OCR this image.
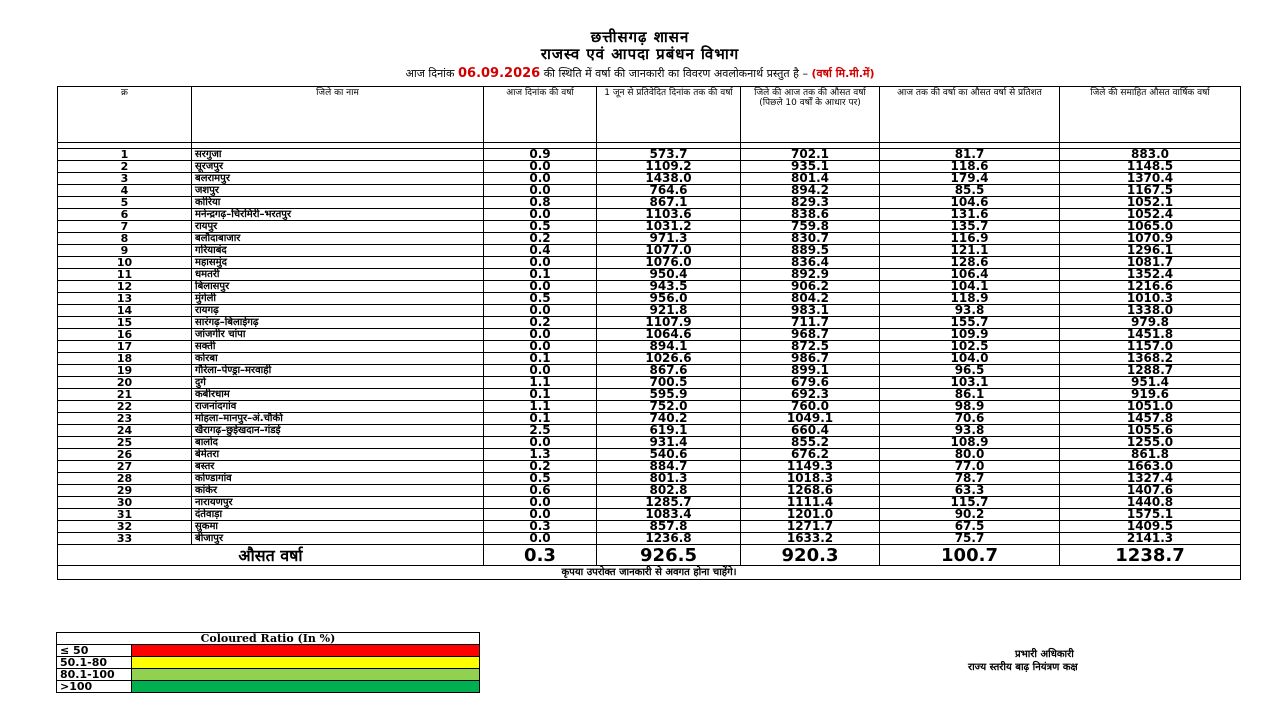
छत्तीसगढ़ शासन
राजस्व एवं आपदा प्रबंधन विभाग
आज दिनांक 06.09.2026 की स्थिति में वर्षा की जानकारी का विवरण अवलोकनार्थ प्रस्तुत है – (वर्षा मि.मी.में)
क्र	जिले का नाम	आज दिनांक की वर्षा	1 जून से प्रतिवेदित दिनांक तक की वर्षा	जिले की आज तक की औसत वर्षा (पिछले 10 वर्षों के आधार पर)	आज तक की वर्षा का औसत वर्षा से प्रतिशत	जिले की समाहित औसत वार्षिक वर्षा

1	सरगुजा	0.9	573.7	702.1	81.7	883.0
2	सूरजपुर	0.0	1109.2	935.1	118.6	1148.5
3	बलरामपुर	0.0	1438.0	801.4	179.4	1370.4
4	जशपुर	0.0	764.6	894.2	85.5	1167.5
5	कोरिया	0.8	867.1	829.3	104.6	1052.1
6	मनेन्द्रगढ़–चिरमिरी–भरतपुर	0.0	1103.6	838.6	131.6	1052.4
7	रायपुर	0.5	1031.2	759.8	135.7	1065.0
8	बलौदाबाजार	0.2	971.3	830.7	116.9	1070.9
9	गरियाबंद	0.4	1077.0	889.5	121.1	1296.1
10	महासमुंद	0.0	1076.0	836.4	128.6	1081.7
11	धमतरी	0.1	950.4	892.9	106.4	1352.4
12	बिलासपुर	0.0	943.5	906.2	104.1	1216.6
13	मुंगेली	0.5	956.0	804.2	118.9	1010.3
14	रायगढ़	0.0	921.8	983.1	93.8	1338.0
15	सारंगढ़–बिलाईगढ़	0.2	1107.9	711.7	155.7	979.8
16	जांजगीर चांपा	0.0	1064.6	968.7	109.9	1451.8
17	सक्ती	0.0	894.1	872.5	102.5	1157.0
18	कोरबा	0.1	1026.6	986.7	104.0	1368.2
19	गौरेला–पेण्ड्रा–मरवाही	0.0	867.6	899.1	96.5	1288.7
20	दुर्ग	1.1	700.5	679.6	103.1	951.4
21	कबीरधाम	0.1	595.9	692.3	86.1	919.6
22	राजनांदगांव	1.1	752.0	760.0	98.9	1051.0
23	मोहला–मानपुर–अं.चौकी	0.1	740.2	1049.1	70.6	1457.8
24	खैरागढ़–छुईखदान–गंडई	2.5	619.1	660.4	93.8	1055.6
25	बालोद	0.0	931.4	855.2	108.9	1255.0
26	बेमेतरा	1.3	540.6	676.2	80.0	861.8
27	बस्तर	0.2	884.7	1149.3	77.0	1663.0
28	कोण्डागांव	0.5	801.3	1018.3	78.7	1327.4
29	कांकेर	0.6	802.8	1268.6	63.3	1407.6
30	नारायणपुर	0.0	1285.7	1111.4	115.7	1440.8
31	दंतेवाड़ा	0.0	1083.4	1201.0	90.2	1575.1
32	सुकमा	0.3	857.8	1271.7	67.5	1409.5
33	बीजापुर	0.0	1236.8	1633.2	75.7	2141.3
औसत वर्षा		0.3	926.5	920.3	100.7	1238.7
कृपया उपरोक्त जानकारी से अवगत होना चाहेंगे।						
Coloured Ratio (In %)	
≤ 50	
50.1-80	
80.1-100	
>100	
प्रभारी अधिकारी
राज्य स्तरीय बाढ़ नियंत्रण कक्ष
